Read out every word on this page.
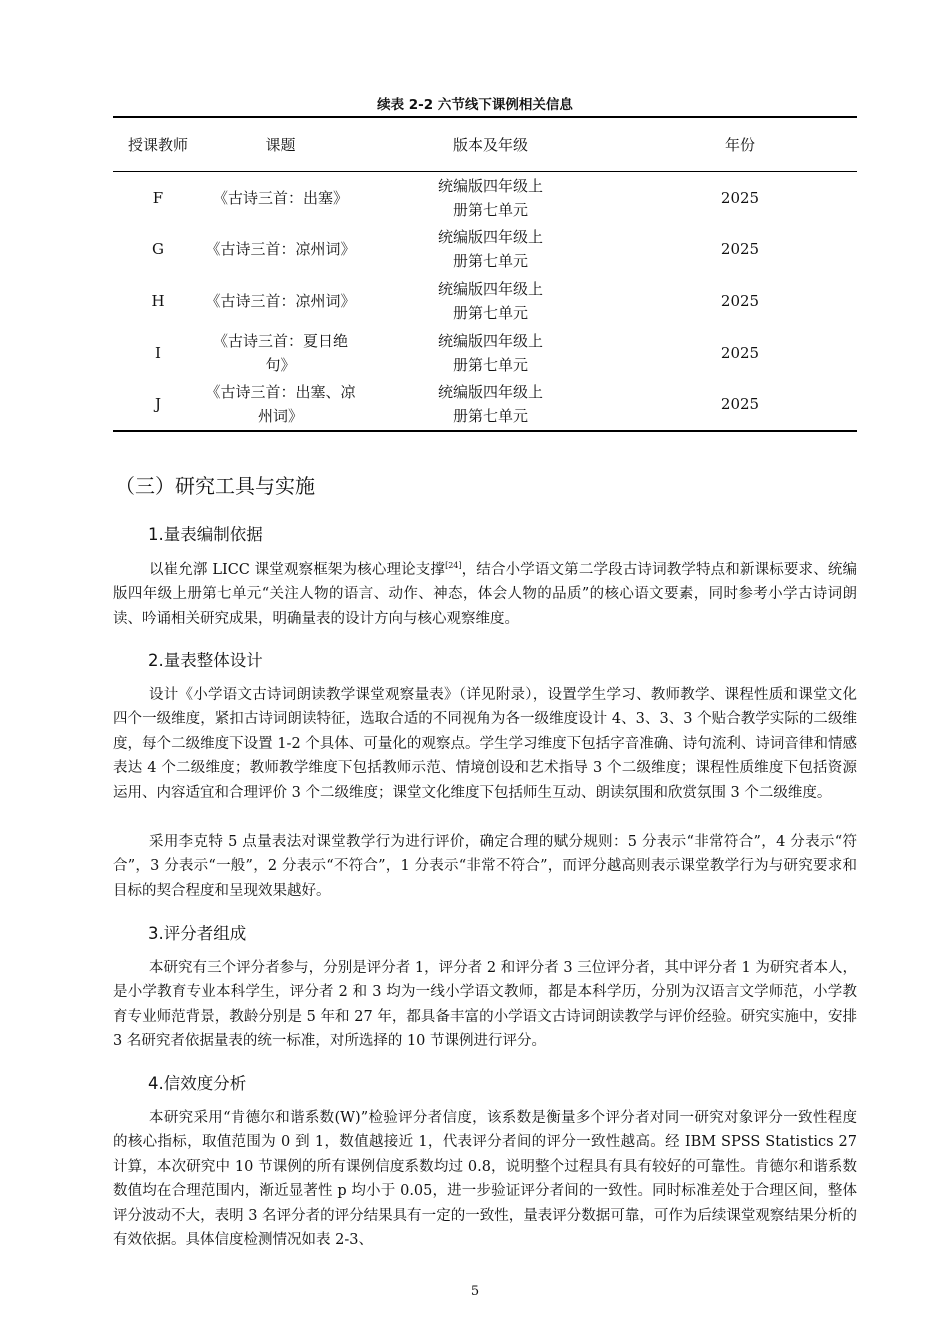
续表 2-2 六节线下课例相关信息
授课教师	课题	版本及年级	年份
F	《古诗三首：出塞》	统编版四年级上册第七单元	2025
G	《古诗三首：凉州词》	统编版四年级上册第七单元	2025
H	《古诗三首：凉州词》	统编版四年级上册第七单元	2025
I	《古诗三首：夏日绝句》	统编版四年级上册第七单元	2025
J	《古诗三首：出塞、凉州词》	统编版四年级上册第七单元	2025
（三）研究工具与实施
1.量表编制依据

以崔允漷 LICC 课堂观察框架为核心理论支撑[24]，结合小学语文第二学段古诗词教学特点和新课标要求、统编版四年级上册第七单元“关注人物的语言、动作、神态，体会人物的品质”的核心语文要素，同时参考小学古诗词朗读、吟诵相关研究成果，明确量表的设计方向与核心观察维度。

2.量表整体设计

设计《小学语文古诗词朗读教学课堂观察量表》（详见附录），设置学生学习、教师教学、课程性质和课堂文化四个一级维度，紧扣古诗词朗读特征，选取合适的不同视角为各一级维度设计 4、3、3、3 个贴合教学实际的二级维度，每个二级维度下设置 1-2 个具体、可量化的观察点。学生学习维度下包括字音准确、诗句流利、诗词音律和情感表达 4 个二级维度；教师教学维度下包括教师示范、情境创设和艺术指导 3 个二级维度；课程性质维度下包括资源运用、内容适宜和合理评价 3 个二级维度；课堂文化维度下包括师生互动、朗读氛围和欣赏氛围 3 个二级维度。

采用李克特 5 点量表法对课堂教学行为进行评价，确定合理的赋分规则：5 分表示“非常符合”，4 分表示“符合”，3 分表示“一般”，2 分表示“不符合”，1 分表示“非常不符合”，而评分越高则表示课堂教学行为与研究要求和目标的契合程度和呈现效果越好。

3.评分者组成

本研究有三个评分者参与，分别是评分者 1，评分者 2 和评分者 3 三位评分者，其中评分者 1 为研究者本人，是小学教育专业本科学生，评分者 2 和 3 均为一线小学语文教师，都是本科学历，分别为汉语言文学师范，小学教育专业师范背景，教龄分别是 5 年和 27 年，都具备丰富的小学语文古诗词朗读教学与评价经验。研究实施中，安排 3 名研究者依据量表的统一标准，对所选择的 10 节课例进行评分。

4.信效度分析

本研究采用“肯德尔和谐系数(W)”检验评分者信度，该系数是衡量多个评分者对同一研究对象评分一致性程度的核心指标，取值范围为 0 到 1，数值越接近 1，代表评分者间的评分一致性越高。经 IBM SPSS Statistics 27 计算，本次研究中 10 节课例的所有课例信度系数均过 0.8，说明整个过程具有具有较好的可靠性。肯德尔和谐系数数值均在合理范围内，渐近显著性 p 均小于 0.05，进一步验证评分者间的一致性。同时标准差处于合理区间，整体评分波动不大，表明 3 名评分者的评分结果具有一定的一致性，量表评分数据可靠，可作为后续课堂观察结果分析的有效依据。具体信度检测情况如表 2-3、

5
